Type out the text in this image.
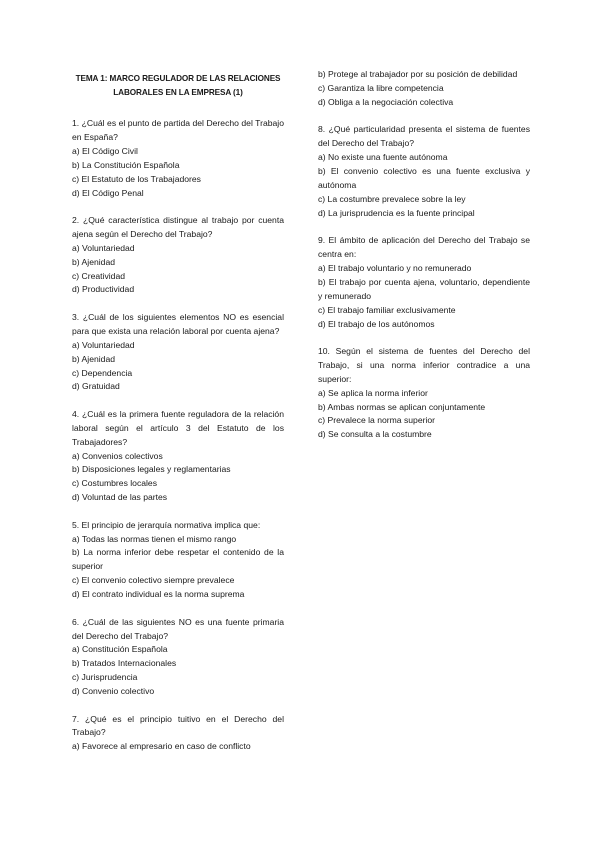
TEMA 1: MARCO REGULADOR DE LAS RELACIONES LABORALES EN LA EMPRESA (1)
1. ¿Cuál es el punto de partida del Derecho del Trabajo en España?
a) El Código Civil
b) La Constitución Española
c) El Estatuto de los Trabajadores
d) El Código Penal
2. ¿Qué característica distingue al trabajo por cuenta ajena según el Derecho del Trabajo?
a) Voluntariedad
b) Ajenidad
c) Creatividad
d) Productividad
3. ¿Cuál de los siguientes elementos NO es esencial para que exista una relación laboral por cuenta ajena?
a) Voluntariedad
b) Ajenidad
c) Dependencia
d) Gratuidad
4. ¿Cuál es la primera fuente reguladora de la relación laboral según el artículo 3 del Estatuto de los Trabajadores?
a) Convenios colectivos
b) Disposiciones legales y reglamentarias
c) Costumbres locales
d) Voluntad de las partes
5. El principio de jerarquía normativa implica que:
a) Todas las normas tienen el mismo rango
b) La norma inferior debe respetar el contenido de la superior
c) El convenio colectivo siempre prevalece
d) El contrato individual es la norma suprema
6. ¿Cuál de las siguientes NO es una fuente primaria del Derecho del Trabajo?
a) Constitución Española
b) Tratados Internacionales
c) Jurisprudencia
d) Convenio colectivo
7. ¿Qué es el principio tuitivo en el Derecho del Trabajo?
a) Favorece al empresario en caso de conflicto
b) Protege al trabajador por su posición de debilidad
c) Garantiza la libre competencia
d) Obliga a la negociación colectiva
8. ¿Qué particularidad presenta el sistema de fuentes del Derecho del Trabajo?
a) No existe una fuente autónoma
b) El convenio colectivo es una fuente exclusiva y autónoma
c) La costumbre prevalece sobre la ley
d) La jurisprudencia es la fuente principal
9. El ámbito de aplicación del Derecho del Trabajo se centra en:
a) El trabajo voluntario y no remunerado
b) El trabajo por cuenta ajena, voluntario, dependiente y remunerado
c) El trabajo familiar exclusivamente
d) El trabajo de los autónomos
10. Según el sistema de fuentes del Derecho del Trabajo, si una norma inferior contradice a una superior:
a) Se aplica la norma inferior
b) Ambas normas se aplican conjuntamente
c) Prevalece la norma superior
d) Se consulta a la costumbre
